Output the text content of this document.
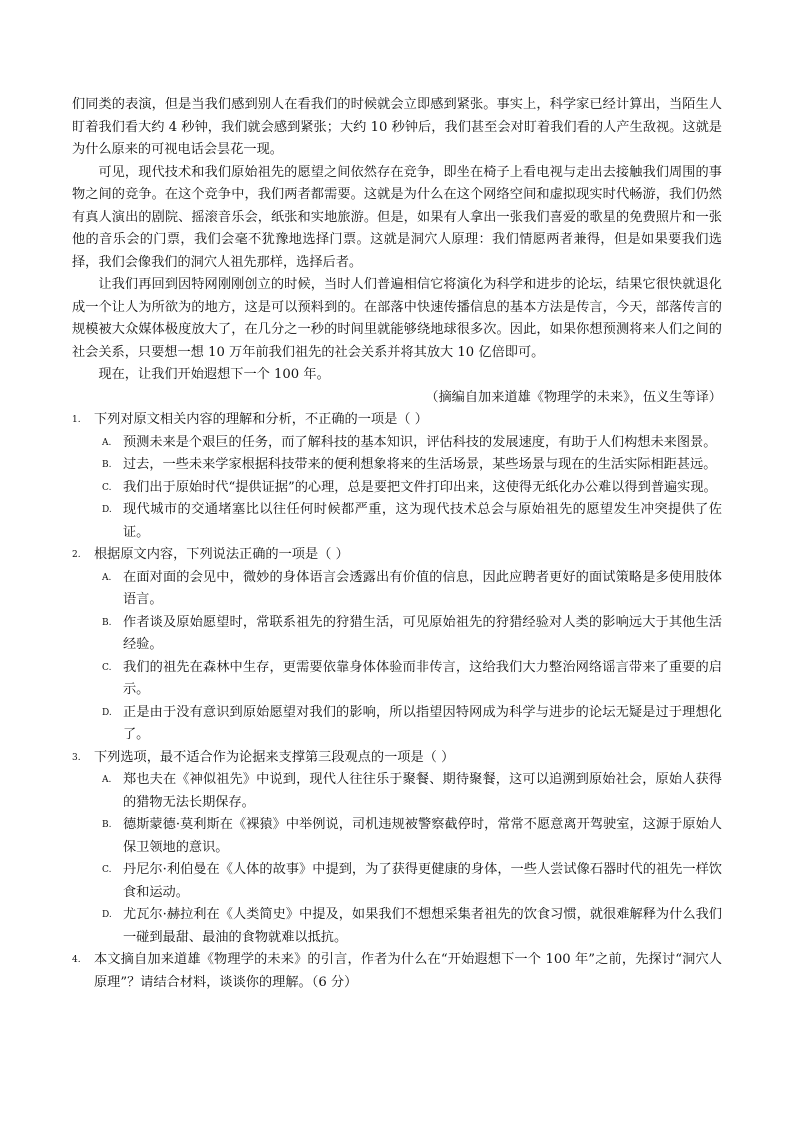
们同类的表演，但是当我们感到别人在看我们的时候就会立即感到紧张。事实上，科学家已经计算出，当陌生人盯着我们看大约 4 秒钟，我们就会感到紧张；大约 10 秒钟后，我们甚至会对盯着我们看的人产生敌视。这就是为什么原来的可视电话会昙花一现。

可见，现代技术和我们原始祖先的愿望之间依然存在竞争，即坐在椅子上看电视与走出去接触我们周围的事物之间的竞争。在这个竞争中，我们两者都需要。这就是为什么在这个网络空间和虚拟现实时代畅游，我们仍然有真人演出的剧院、摇滚音乐会，纸张和实地旅游。但是，如果有人拿出一张我们喜爱的歌星的免费照片和一张他的音乐会的门票，我们会毫不犹豫地选择门票。这就是洞穴人原理：我们情愿两者兼得，但是如果要我们选择，我们会像我们的洞穴人祖先那样，选择后者。

让我们再回到因特网刚刚创立的时候，当时人们普遍相信它将演化为科学和进步的论坛，结果它很快就退化成一个让人为所欲为的地方，这是可以预料到的。在部落中快速传播信息的基本方法是传言，今天，部落传言的规模被大众媒体极度放大了，在几分之一秒的时间里就能够绕地球很多次。因此，如果你想预测将来人们之间的社会关系，只要想一想 10 万年前我们祖先的社会关系并将其放大 10 亿倍即可。

现在，让我们开始遐想下一个 100 年。

（摘编自加来道雄《物理学的未来》，伍义生等译）

1.	下列对原文相关内容的理解和分析，不正确的一项是（ ）
A. 预测未来是个艰巨的任务，而了解科技的基本知识，评估科技的发展速度，有助于人们构想未来图景。
B. 过去，一些未来学家根据科技带来的便利想象将来的生活场景，某些场景与现在的生活实际相距甚远。
C. 我们出于原始时代“提供证据”的心理，总是要把文件打印出来，这使得无纸化办公难以得到普遍实现。
D. 现代城市的交通堵塞比以往任何时候都严重，这为现代技术总会与原始祖先的愿望发生冲突提供了佐证。
2.	根据原文内容，下列说法正确的一项是（ ）
A. 在面对面的会见中，微妙的身体语言会透露出有价值的信息，因此应聘者更好的面试策略是多使用肢体语言。
B. 作者谈及原始愿望时，常联系祖先的狩猎生活，可见原始祖先的狩猎经验对人类的影响远大于其他生活经验。
C. 我们的祖先在森林中生存，更需要依靠身体体验而非传言，这给我们大力整治网络谣言带来了重要的启示。
D. 正是由于没有意识到原始愿望对我们的影响，所以指望因特网成为科学与进步的论坛无疑是过于理想化了。
3.	下列选项，最不适合作为论据来支撑第三段观点的一项是（ ）
A. 郑也夫在《神似祖先》中说到，现代人往往乐于聚餐、期待聚餐，这可以追溯到原始社会，原始人获得的猎物无法长期保存。
B. 德斯蒙德·莫利斯在《裸猿》中举例说，司机违规被警察截停时，常常不愿意离开驾驶室，这源于原始人保卫领地的意识。
C. 丹尼尔·利伯曼在《人体的故事》中提到，为了获得更健康的身体，一些人尝试像石器时代的祖先一样饮食和运动。
D. 尤瓦尔·赫拉利在《人类简史》中提及，如果我们不想想采集者祖先的饮食习惯，就很难解释为什么我们一碰到最甜、最油的食物就难以抵抗。
4.	本文摘自加来道雄《物理学的未来》的引言，作者为什么在“开始遐想下一个 100 年”之前，先探讨“洞穴人原理”？请结合材料，谈谈你的理解。（6 分）
